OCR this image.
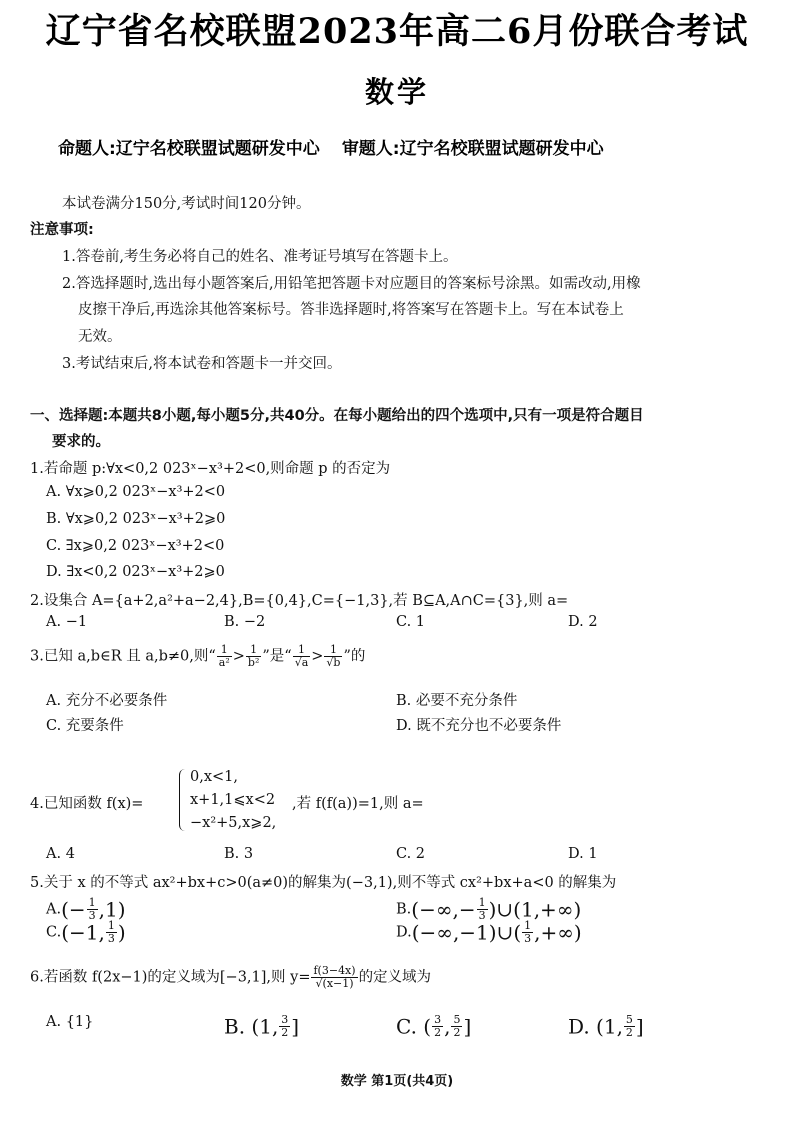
辽宁省名校联盟2023年高二6月份联合考试
数学
命题人:辽宁名校联盟试题研发中心 审题人:辽宁名校联盟试题研发中心
本试卷满分150分,考试时间120分钟。
注意事项:
1.答卷前,考生务必将自己的姓名、准考证号填写在答题卡上。
2.答选择题时,选出每小题答案后,用铅笔把答题卡对应题目的答案标号涂黑。如需改动,用橡
皮擦干净后,再选涂其他答案标号。答非选择题时,将答案写在答题卡上。写在本试卷上
无效。
3.考试结束后,将本试卷和答题卡一并交回。
一、选择题:本题共8小题,每小题5分,共40分。在每小题给出的四个选项中,只有一项是符合题目
要求的。
1.若命题 p:∀x<0,2 023ˣ−x³+2<0,则命题 p 的否定为
A. ∀x⩾0,2 023ˣ−x³+2<0
B. ∀x⩾0,2 023ˣ−x³+2⩾0
C. ∃x⩾0,2 023ˣ−x³+2<0
D. ∃x<0,2 023ˣ−x³+2⩾0
2.设集合 A={a+2,a²+a−2,4},B={0,4},C={−1,3},若 B⊆A,A∩C={3},则 a=
A. −1	B. −2	C. 1	D. 2
3.已知 a,b∈R 且 a,b≠0,则“ $\frac{1}{\text{a²}} > \frac{1}{\text{b²}}$ ”是“ $\frac{1}{√a} > \frac{1}{√b}$ ”的
A. 充分不必要条件	B. 必要不充分条件
C. 充要条件	D. 既不充分也不必要条件
4.已知函数 f(x)=
0,x<1,
x+1,1⩽x<2 ,若 f(f(a))=1,则 a=
−x²+5,x⩾2,
A. 4	B. 3	C. 2	D. 1
5.关于 x 的不等式 ax²+bx+c>0(a≠0)的解集为(−3,1),则不等式 cx²+bx+a<0 的解集为
$A.(- \frac{1}{3} ,1)$	$B.(-\infty,- \frac{1}{3}$ )∪(1,+∞)
C.(−1, $\frac{1}{3}$ )	D.(−∞,−1)∪( $\frac{1}{3}$ ,+∞)
6.若函数 f(2x−1)的定义域为[−3,1],则 $y= \frac{f(3-4x)}{√(x-1)}$ 的定义域为
A. {1}	B. (1, $\frac{3}{2}$ ]	C. ( $\frac{3}{2}$ , $\frac{5}{2}$ ]	D. (1, $\frac{5}{2}$ ]
数学 第1页(共4页)
